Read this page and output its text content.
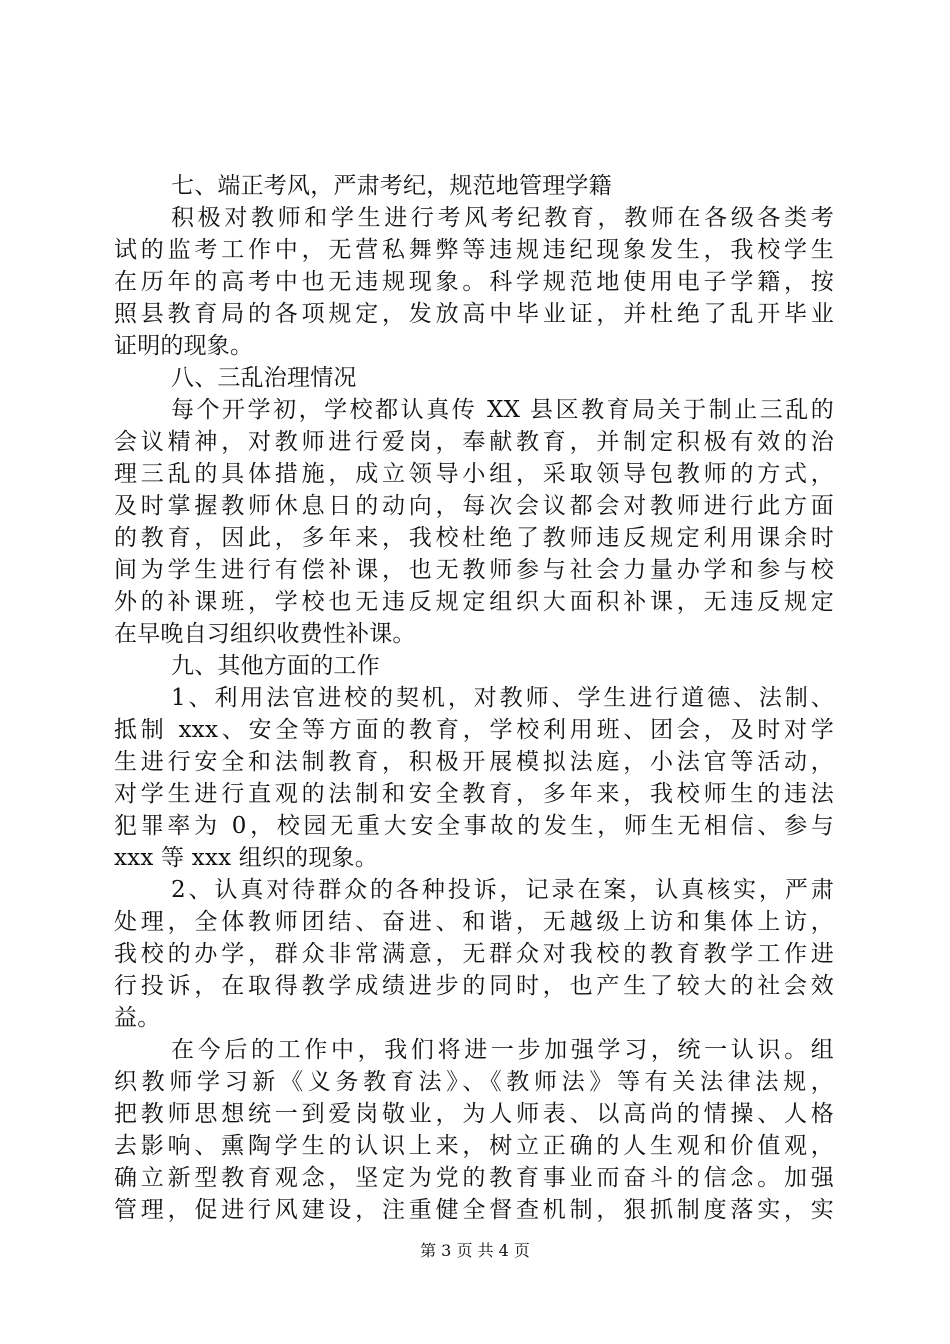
七、端正考风，严肃考纪，规范地管理学籍
积极对教师和学生进行考风考纪教育，教师在各级各类考
试的监考工作中，无营私舞弊等违规违纪现象发生，我校学生
在历年的高考中也无违规现象。科学规范地使用电子学籍，按
照县教育局的各项规定，发放高中毕业证，并杜绝了乱开毕业
证明的现象。
八、三乱治理情况
每个开学初，学校都认真传 XX 县区教育局关于制止三乱的
会议精神，对教师进行爱岗，奉献教育，并制定积极有效的治
理三乱的具体措施，成立领导小组，采取领导包教师的方式，
及时掌握教师休息日的动向，每次会议都会对教师进行此方面
的教育，因此，多年来，我校杜绝了教师违反规定利用课余时
间为学生进行有偿补课，也无教师参与社会力量办学和参与校
外的补课班，学校也无违反规定组织大面积补课，无违反规定
在早晚自习组织收费性补课。
九、其他方面的工作
1、利用法官进校的契机，对教师、学生进行道德、法制、
抵制 xxx、安全等方面的教育，学校利用班、团会，及时对学
生进行安全和法制教育，积极开展模拟法庭，小法官等活动，
对学生进行直观的法制和安全教育，多年来，我校师生的违法
犯罪率为 0，校园无重大安全事故的发生，师生无相信、参与
xxx 等 xxx 组织的现象。
2、认真对待群众的各种投诉，记录在案，认真核实，严肃
处理，全体教师团结、奋进、和谐，无越级上访和集体上访，
我校的办学，群众非常满意，无群众对我校的教育教学工作进
行投诉，在取得教学成绩进步的同时，也产生了较大的社会效
益。
在今后的工作中，我们将进一步加强学习，统一认识。组
织教师学习新《义务教育法》、《教师法》等有关法律法规，
把教师思想统一到爱岗敬业，为人师表、以高尚的情操、人格
去影响、熏陶学生的认识上来，树立正确的人生观和价值观，
确立新型教育观念，坚定为党的教育事业而奋斗的信念。加强
管理，促进行风建设，注重健全督查机制，狠抓制度落实，实
第 3 页 共 4 页
